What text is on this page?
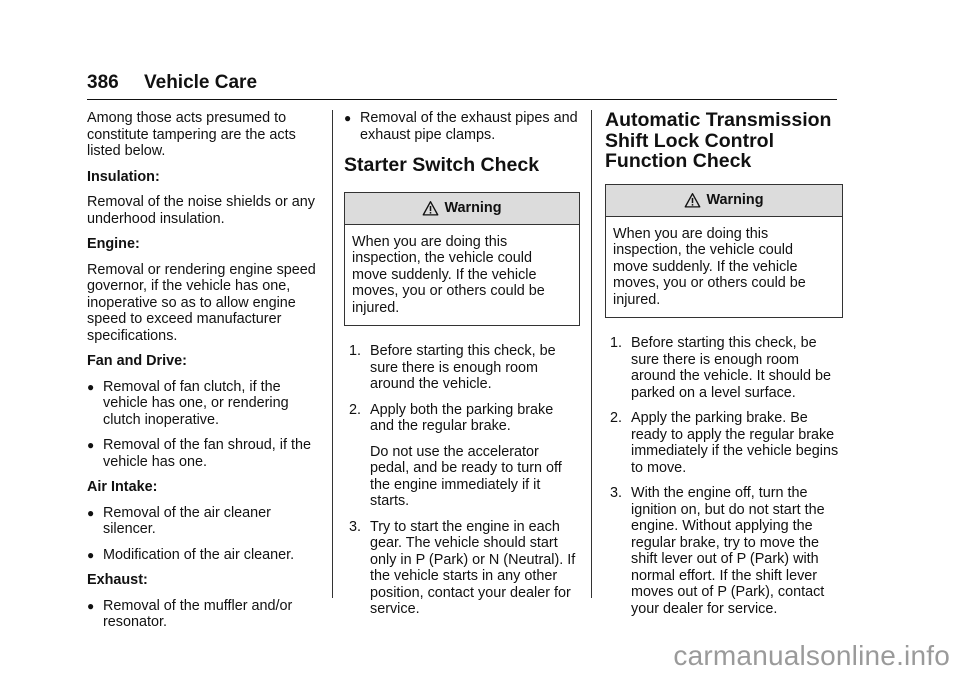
386 Vehicle Care

Among those acts presumed to constitute tampering are the acts listed below.

Insulation:

Removal of the noise shields or any underhood insulation.

Engine:

Removal or rendering engine speed governor, if the vehicle has one, inoperative so as to allow engine speed to exceed manufacturer specifications.

Fan and Drive:

● Removal of fan clutch, if the vehicle has one, or rendering clutch inoperative.
● Removal of the fan shroud, if the vehicle has one.

Air Intake:

● Removal of the air cleaner silencer.
● Modification of the air cleaner.

Exhaust:

● Removal of the muffler and/or resonator.
● Removal of the exhaust pipes and exhaust pipe clamps.
Starter Switch Check
Warning
When you are doing this inspection, the vehicle could move suddenly. If the vehicle moves, you or others could be injured.
1. Before starting this check, be sure there is enough room around the vehicle.
2. Apply both the parking brake and the regular brake.
Do not use the accelerator pedal, and be ready to turn off the engine immediately if it starts.
3. Try to start the engine in each gear. The vehicle should start only in P (Park) or N (Neutral). If the vehicle starts in any other position, contact your dealer for service.
Automatic Transmission
Shift Lock Control
Function Check
Warning
When you are doing this inspection, the vehicle could move suddenly. If the vehicle moves, you or others could be injured.
1. Before starting this check, be sure there is enough room around the vehicle. It should be parked on a level surface.
2. Apply the parking brake. Be ready to apply the regular brake immediately if the vehicle begins to move.
3. With the engine off, turn the ignition on, but do not start the engine. Without applying the regular brake, try to move the shift lever out of P (Park) with normal effort. If the shift lever moves out of P (Park), contact your dealer for service.
carmanualsonline.info
